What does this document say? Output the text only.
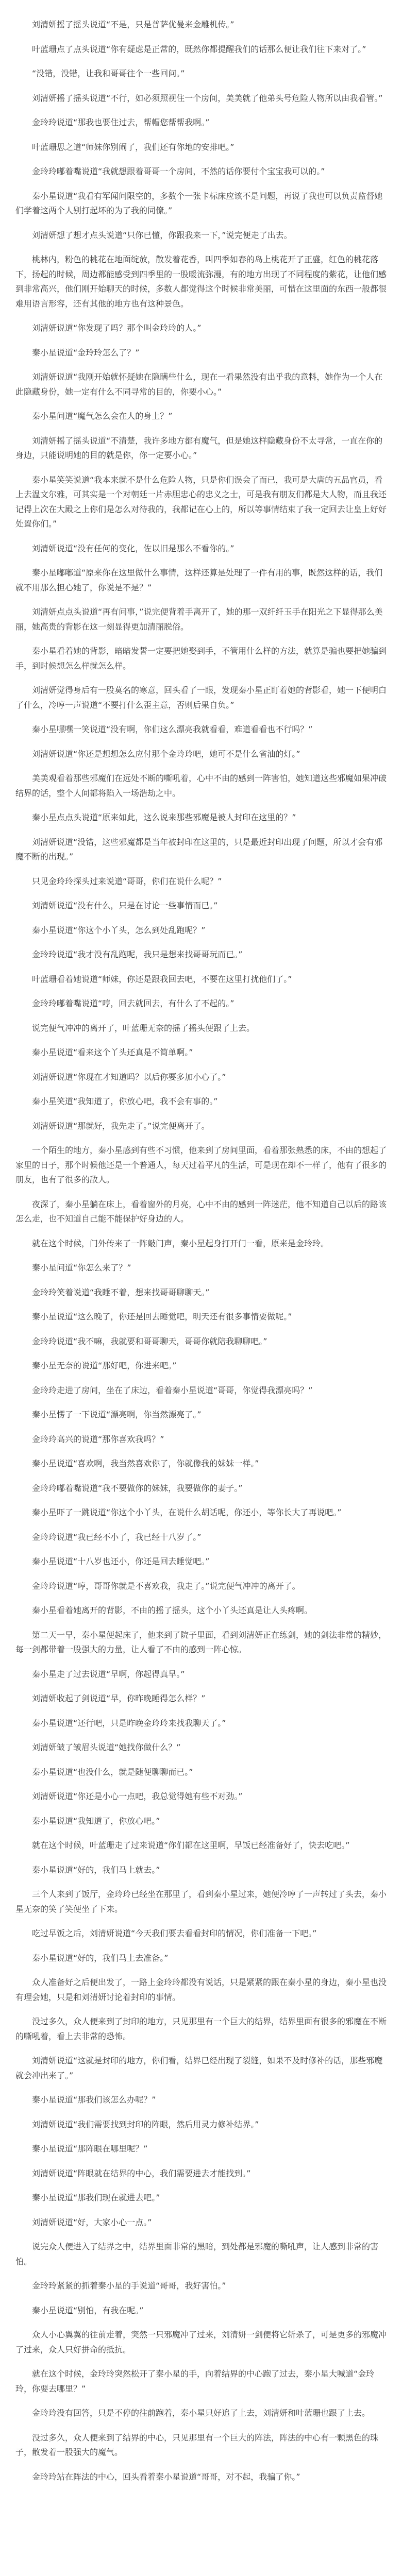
刘清妍摇了摇头说道“不是，只是普萨优曼来金雕机传。”

叶蓝珊点了点头说道“你有疑虑是正常的，既然你都提醒我们的话那么便让我们往下来对了。”

“没错，没错，让我和哥哥往个一些回问。”

刘清妍摇了摇头说道“不行，如必须照视住一个房间，美美就了他弟头号危险人物所以由我看管。”

金玲玲说道“那我也要住过去，帮帽您帮帮我啊。”

叶蓝珊思之道“师妹你别闹了，我们还有你地的安排吧。”

金玲玲嘟着嘴说道“我就想跟着哥哥一个房间，不然的话你要付个宝宝我可以的。”

秦小星说道“我看有军闻问限空的，多数个一张卡标床应该不是问题，再说了我也可以负责监督她们学着这两个人别打起坏的为了我的同僚。”

刘清妍想了想才点头说道“只你已懂，你跟我来一下，”说完便走了出去。

桃林内，粉色的桃花在地面绽放，散发着花香，叫四季如春的岛上桃花开了正盛，红色的桃花落下，扬起的时候，周边都能感受到四季里的一股暖流弥漫，有的地方出现了不同程度的紫花，让他们感到非常高兴，他们刚开始聊天的时候，多数人都觉得这个时候非常美丽，可惜在这里面的东西一般都很难用语言形容，还有其他的地方也有这种景色。

刘清妍说道“你发现了吗？那个叫金玲玲的人。”

秦小星说道“金玲玲怎么了？”

刘清妍说道“我刚开始就怀疑她在隐瞒些什么，现在一看果然没有出乎我的意料，她作为一个人在此隐藏身份，她一定有什么不同寻常的目的，你要小心。”

秦小星问道“魔气怎么会在人的身上？”

刘清妍摇了摇头说道“不清楚，我许多地方都有魔气，但是她这样隐藏身份不太寻常，一直在你的身边，只能说明她的目的就是你，你一定要小心。”

秦小星笑笑说道“我本来就不是什么危险人物，只是你们误会了而已，我可是大唐的五品官员，看上去温文尔雅，可其实是一个对朝廷一片赤胆忠心的忠义之士，可是我有朋友们都是大人物，而且我还记得上次在大殿之上你们是怎么对待我的，我都记在心上的，所以等事情结束了我一定回去让皇上好好处置你们。”

刘清妍说道“没有任何的变化，佐以旧是那么不看你的。”

秦小星嘟嘟道“原来你在这里做什么事情，这样还算是处理了一件有用的事，既然这样的话，我们就不用那么担心她了，你说是不是？”

刘清妍点点头说道“再有问事，”说完便背着手离开了，她的那一双纤纤玉手在阳光之下显得那么美丽，她高贵的背影在这一刻显得更加清丽脱俗。

秦小星看着她的背影，暗暗发誓一定要把她娶到手，不管用什么样的方法，就算是骗也要把她骗到手，到时候想怎么样就怎么样。

刘清妍觉得身后有一股莫名的寒意，回头看了一眼，发现秦小星正盯着她的背影看，她一下便明白了什么，冷哼一声说道“不要打什么歪主意，否则后果自负。”

秦小星嘿嘿一笑说道“没有啊，你们这么漂亮我就看看，难道看看也不行吗？”

刘清妍说道“你还是想想怎么应付那个金玲玲吧，她可不是什么省油的灯。”

美美观看着那些邪魔们在远处不断的嘶吼着，心中不由的感到一阵害怕，她知道这些邪魔如果冲破结界的话，整个人间都将陷入一场浩劫之中。

秦小星点点头说道“原来如此，这么说来那些邪魔是被人封印在这里的？”

刘清妍说道“没错，这些邪魔都是当年被封印在这里的，只是最近封印出现了问题，所以才会有邪魔不断的出现。”

只见金玲玲探头过来说道“哥哥，你们在说什么呢？”

刘清妍说道“没有什么，只是在讨论一些事情而已。”

秦小星说道“你这个小丫头，怎么到处乱跑呢？”

金玲玲说道“我才没有乱跑呢，我只是想来找哥哥玩而已。”

叶蓝珊看着她说道“师妹，你还是跟我回去吧，不要在这里打扰他们了。”

金玲玲嘟着嘴说道“哼，回去就回去，有什么了不起的。”

说完便气冲冲的离开了，叶蓝珊无奈的摇了摇头便跟了上去。

秦小星说道“看来这个丫头还真是不简单啊。”

刘清妍说道“你现在才知道吗？以后你要多加小心了。”

秦小星笑道“我知道了，你放心吧，我不会有事的。”

刘清妍说道“那就好，我先走了。”说完便离开了。

一个陌生的地方，秦小星感到有些不习惯，他来到了房间里面，看着那张熟悉的床，不由的想起了家里的日子，那个时候他还是一个普通人，每天过着平凡的生活，可是现在却不一样了，他有了很多的朋友，也有了很多的敌人。

夜深了，秦小星躺在床上，看着窗外的月亮，心中不由的感到一阵迷茫，他不知道自己以后的路该怎么走，也不知道自己能不能保护好身边的人。

就在这个时候，门外传来了一阵敲门声，秦小星起身打开门一看，原来是金玲玲。

秦小星问道“你怎么来了？”

金玲玲笑着说道“我睡不着，想来找哥哥聊聊天。”

秦小星说道“这么晚了，你还是回去睡觉吧，明天还有很多事情要做呢。”

金玲玲说道“我不嘛，我就要和哥哥聊天，哥哥你就陪我聊聊吧。”

秦小星无奈的说道“那好吧，你进来吧。”

金玲玲走进了房间，坐在了床边，看着秦小星说道“哥哥，你觉得我漂亮吗？”

秦小星愣了一下说道“漂亮啊，你当然漂亮了。”

金玲玲高兴的说道“那你喜欢我吗？”

秦小星说道“喜欢啊，我当然喜欢你了，你就像我的妹妹一样。”

金玲玲嘟着嘴说道“我不要做你的妹妹，我要做你的妻子。”

秦小星吓了一跳说道“你这个小丫头，在说什么胡话呢，你还小，等你长大了再说吧。”

金玲玲说道“我已经不小了，我已经十八岁了。”

秦小星说道“十八岁也还小，你还是回去睡觉吧。”

金玲玲说道“哼，哥哥你就是不喜欢我，我走了。”说完便气冲冲的离开了。

秦小星看着她离开的背影，不由的摇了摇头，这个小丫头还真是让人头疼啊。

第二天一早，秦小星便起床了，他来到了院子里面，看到刘清妍正在练剑，她的剑法非常的精妙，每一剑都带着一股强大的力量，让人看了不由的感到一阵心惊。

秦小星走了过去说道“早啊，你起得真早。”

刘清妍收起了剑说道“早，你昨晚睡得怎么样？”

秦小星说道“还行吧，只是昨晚金玲玲来找我聊天了。”

刘清妍皱了皱眉头说道“她找你做什么？”

秦小星说道“也没什么，就是随便聊聊而已。”

刘清妍说道“你还是小心一点吧，我总觉得她有些不对劲。”

秦小星说道“我知道了，你放心吧。”

就在这个时候，叶蓝珊走了过来说道“你们都在这里啊，早饭已经准备好了，快去吃吧。”

秦小星说道“好的，我们马上就去。”

三个人来到了饭厅，金玲玲已经坐在那里了，看到秦小星过来，她便冷哼了一声转过了头去，秦小星无奈的笑了笑便坐了下来。

吃过早饭之后，刘清妍说道“今天我们要去看看封印的情况，你们准备一下吧。”

秦小星说道“好的，我们马上去准备。”

众人准备好之后便出发了，一路上金玲玲都没有说话，只是紧紧的跟在秦小星的身边，秦小星也没有理会她，只是和刘清妍讨论着封印的事情。

没过多久，众人便来到了封印的地方，只见那里有一个巨大的结界，结界里面有很多的邪魔在不断的嘶吼着，看上去非常的恐怖。

刘清妍说道“这就是封印的地方，你们看，结界已经出现了裂缝，如果不及时修补的话，那些邪魔就会冲出来了。”

秦小星说道“那我们该怎么办呢？”

刘清妍说道“我们需要找到封印的阵眼，然后用灵力修补结界。”

秦小星说道“那阵眼在哪里呢？”

刘清妍说道“阵眼就在结界的中心，我们需要进去才能找到。”

秦小星说道“那我们现在就进去吧。”

刘清妍说道“好，大家小心一点。”

说完众人便进入了结界之中，结界里面非常的黑暗，到处都是邪魔的嘶吼声，让人感到非常的害怕。

金玲玲紧紧的抓着秦小星的手说道“哥哥，我好害怕。”

秦小星说道“别怕，有我在呢。”

众人小心翼翼的往前走着，突然一只邪魔冲了过来，刘清妍一剑便将它斩杀了，可是更多的邪魔冲了过来，众人只好拼命的抵抗。

就在这个时候，金玲玲突然松开了秦小星的手，向着结界的中心跑了过去，秦小星大喊道“金玲玲，你要去哪里？”

金玲玲没有回答，只是不停的往前跑着，秦小星只好追了上去，刘清妍和叶蓝珊也跟了上去。

没过多久，众人便来到了结界的中心，只见那里有一个巨大的阵法，阵法的中心有一颗黑色的珠子，散发着一股强大的魔气。

金玲玲站在阵法的中心，回头看着秦小星说道“哥哥，对不起，我骗了你。”
